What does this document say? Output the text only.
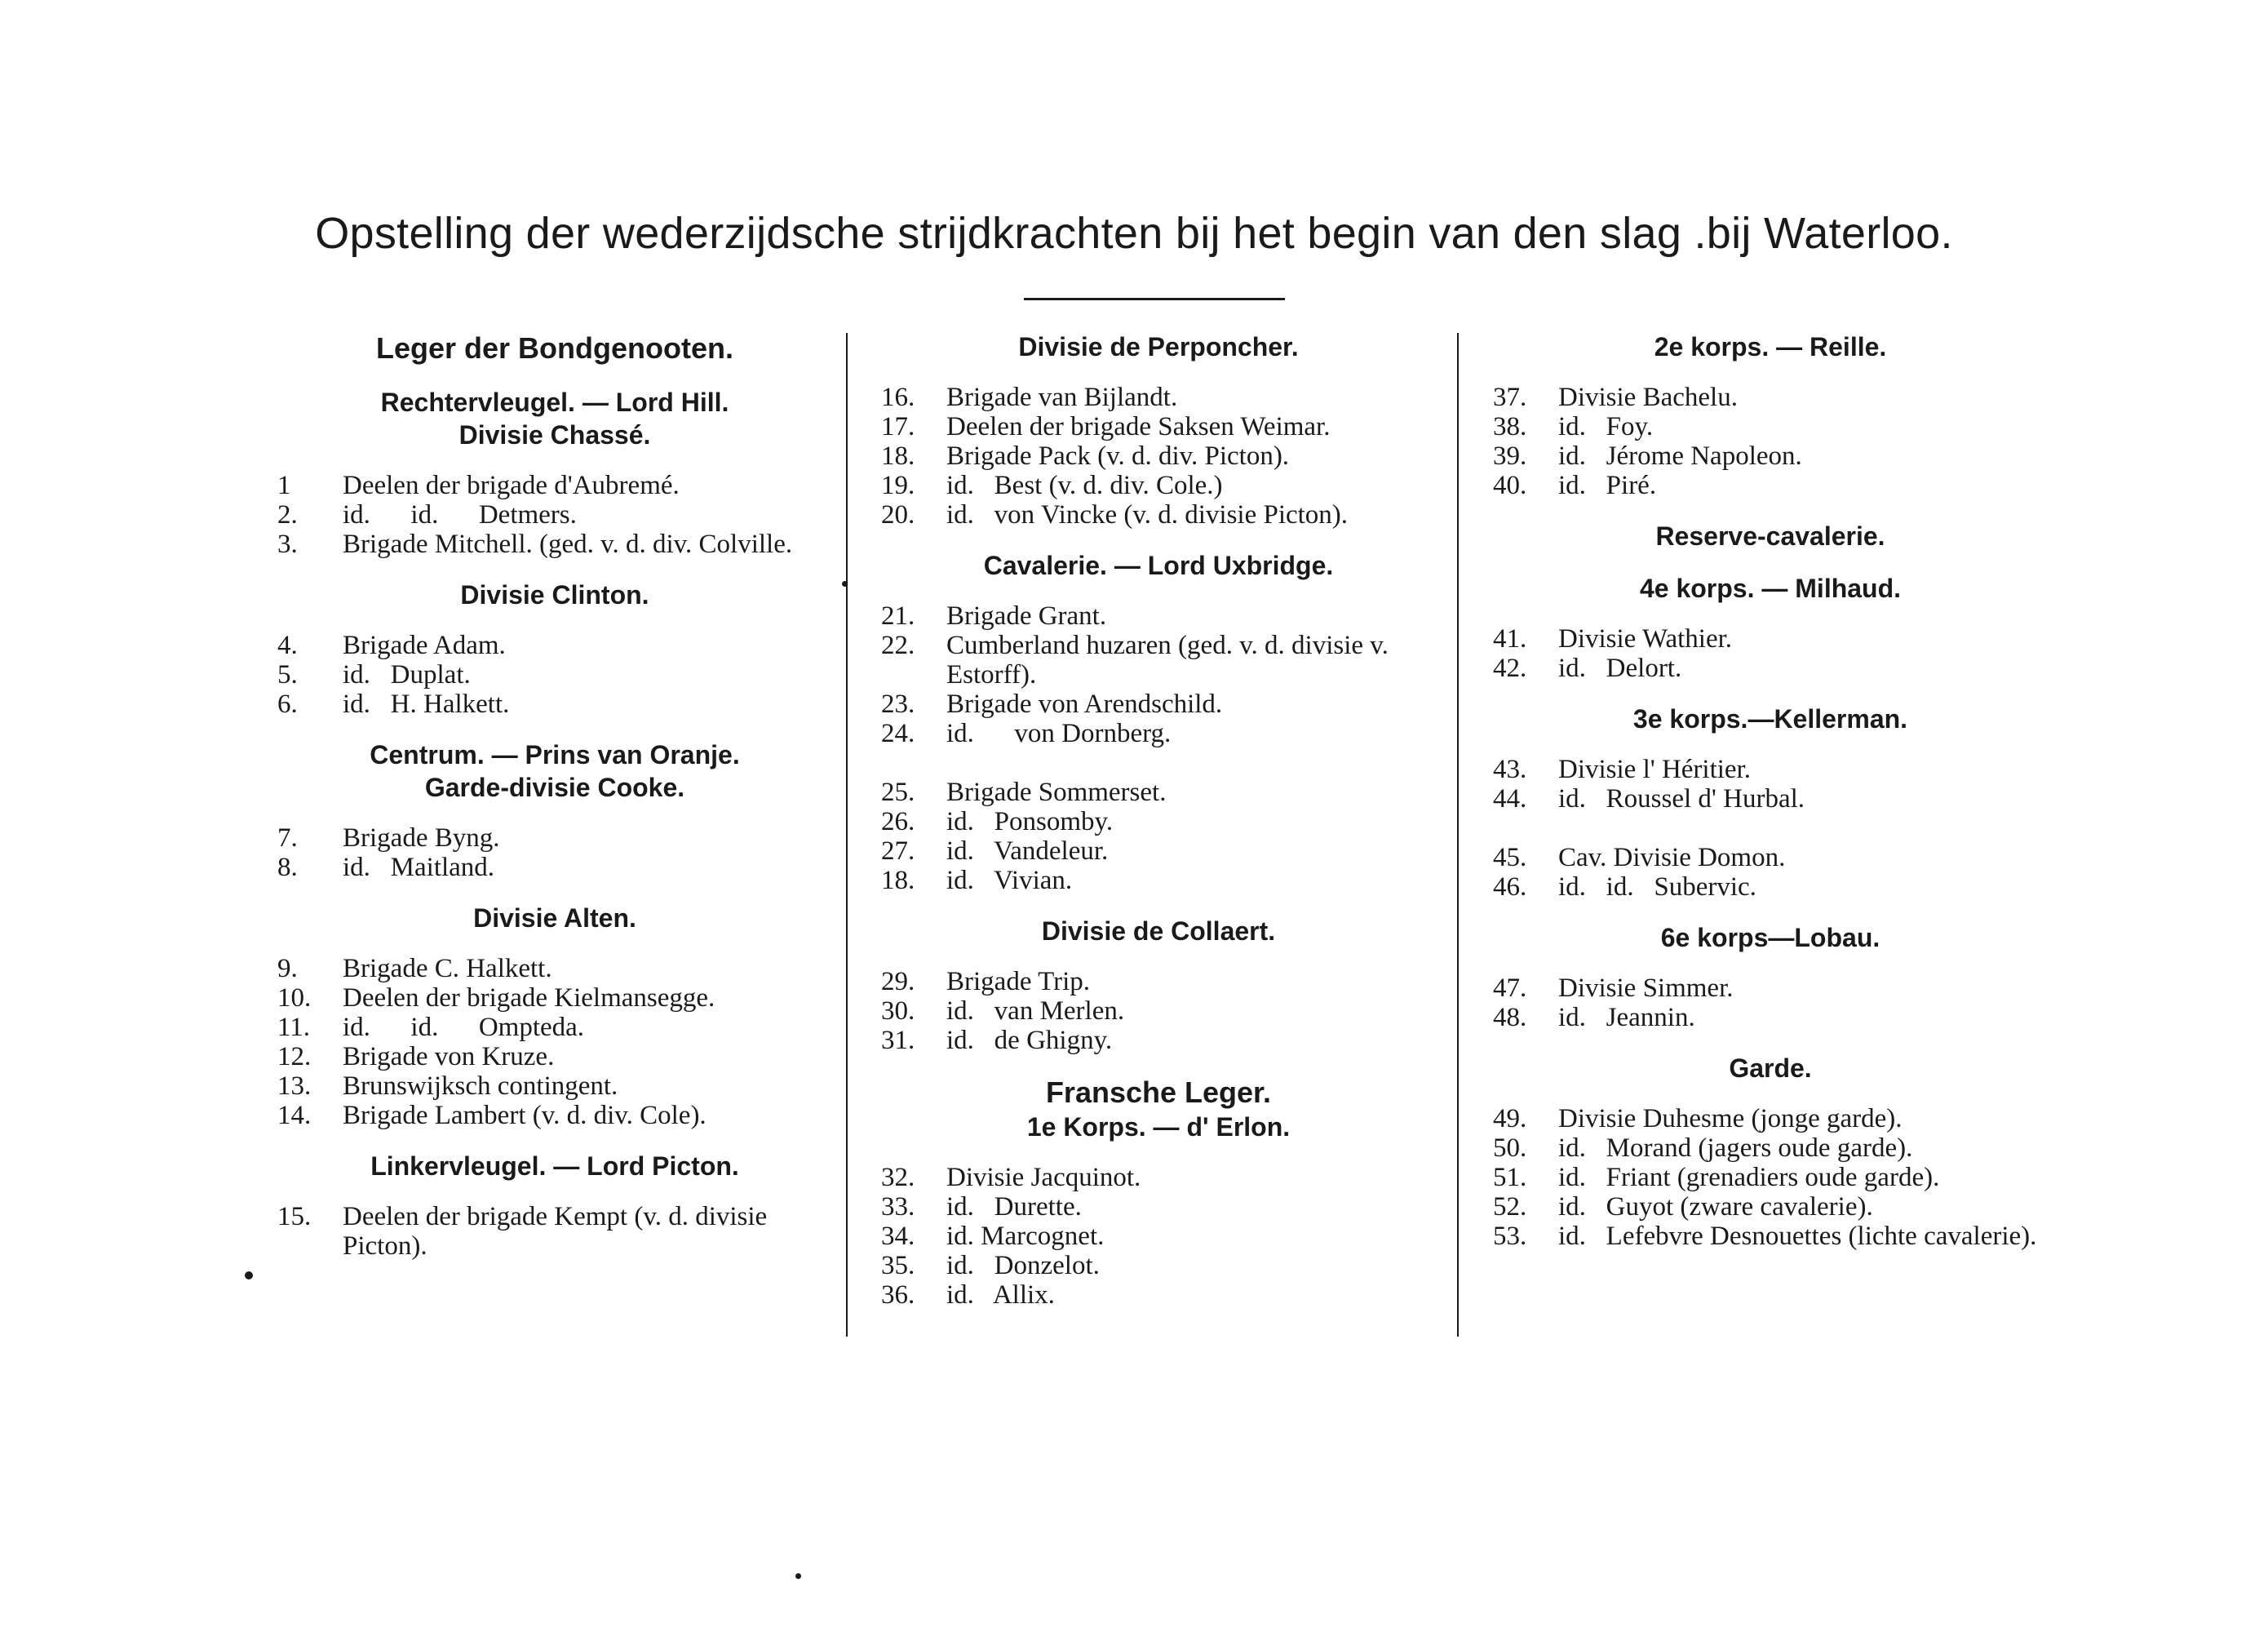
Opstelling der wederzijdsche strijdkrachten bij het begin van den slag .bij Waterloo.
Leger der Bondgenooten.
Rechtervleugel. — Lord Hill.
Divisie Chassé.
1	Deelen der brigade d'Aubremé.
2.	id.      id.      Detmers.
3.	Brigade Mitchell. (ged. v. d. div. Colville.
Divisie Clinton.
4.	Brigade Adam.
5.	id.   Duplat.
6.	id.   H. Halkett.
Centrum. — Prins van Oranje.
Garde-divisie Cooke.
7.	Brigade Byng.
8.	id.   Maitland.
Divisie Alten.
9.	Brigade C. Halkett.
10.	Deelen der brigade Kielmansegge.
11.	id.      id.      Ompteda.
12.	Brigade von Kruze.
13.	Brunswijksch contingent.
14.	Brigade Lambert (v. d. div. Cole).
Linkervleugel. — Lord Picton.
15.	Deelen der brigade Kempt (v. d. divisie Picton).
Divisie de Perponcher.
16.	Brigade van Bijlandt.
17.	Deelen der brigade Saksen Weimar.
18.	Brigade Pack (v. d. div. Picton).
19.	id.   Best (v. d. div. Cole.)
20.	id.   von Vincke (v. d. divisie Picton).
Cavalerie. — Lord Uxbridge.
21.	Brigade Grant.
22.	Cumberland huzaren (ged. v. d. divisie v. Estorff).
23.	Brigade von Arendschild.
24.	id.      von Dornberg.
25.	Brigade Sommerset.
26.	id.   Ponsomby.
27.	id.   Vandeleur.
18.	id.   Vivian.
Divisie de Collaert.
29.	Brigade Trip.
30.	id.   van Merlen.
31.	id.   de Ghigny.
Fransche Leger.
1e Korps. — d' Erlon.
32.	Divisie Jacquinot.
33.	id.   Durette.
34.	id. Marcognet.
35.	id.   Donzelot.
36.	id.   Allix.
2e korps. — Reille.
37.	Divisie Bachelu.
38.	id.   Foy.
39.	id.   Jérome Napoleon.
40.	id.   Piré.
Reserve-cavalerie.
4e korps. — Milhaud.
41.	Divisie Wathier.
42.	id.   Delort.
3e korps.—Kellerman.
43.	Divisie l' Héritier.
44.	id.   Roussel d' Hurbal.
45.	Cav. Divisie Domon.
46.	id.   id.   Subervic.
6e korps—Lobau.
47.	Divisie Simmer.
48.	id.   Jeannin.
Garde.
49.	Divisie Duhesme (jonge garde).
50.	id.   Morand (jagers oude garde).
51.	id.   Friant (grenadiers oude garde).
52.	id.   Guyot (zware cavalerie).
53.	id.   Lefebvre Desnouettes (lichte cavalerie).
